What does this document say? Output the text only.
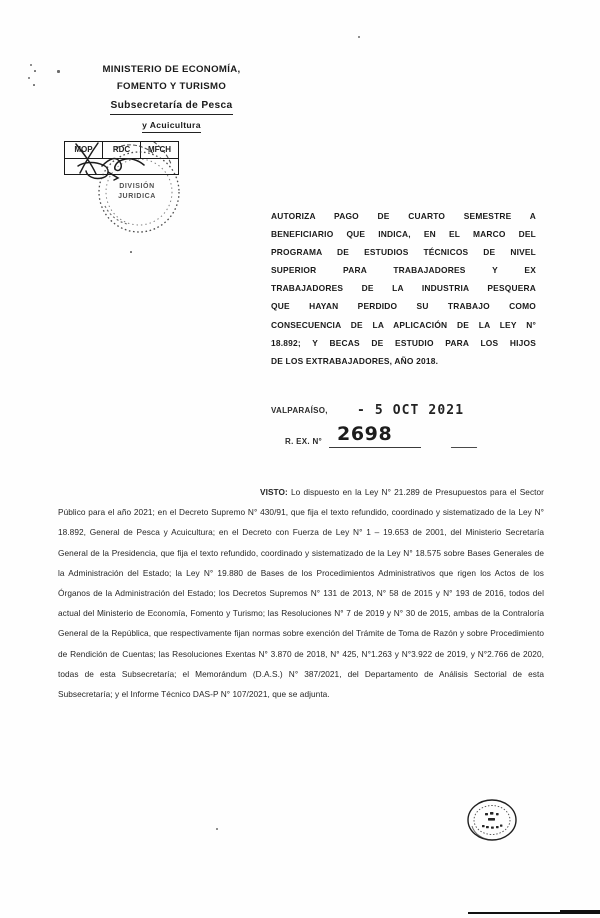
MINISTERIO DE ECONOMÍA,
FOMENTO Y TURISMO
Subsecretaría de Pesca
y Acuicultura
MOP	RDC	MFCH
DIVISIÓN
JURIDICA
AUTORIZA PAGO DE CUARTO SEMESTRE A
BENEFICIARIO QUE INDICA, EN EL MARCO DEL
PROGRAMA DE ESTUDIOS TÉCNICOS DE NIVEL
SUPERIOR PARA TRABAJADORES Y EX
TRABAJADORES DE LA INDUSTRIA PESQUERA
QUE HAYAN PERDIDO SU TRABAJO COMO
CONSECUENCIA DE LA APLICACIÓN DE LA LEY N°
18.892; Y BECAS DE ESTUDIO PARA LOS HIJOS
DE LOS EXTRABAJADORES, AÑO 2018.
VALPARAÍSO, - 5 OCT 2021
R. EX. N° 2698

VISTO: Lo dispuesto en la Ley N° 21.289 de Presupuestos para el Sector Público para el año 2021; en el Decreto Supremo N° 430/91, que fija el texto refundido, coordinado y sistematizado de la Ley N° 18.892, General de Pesca y Acuicultura; en el Decreto con Fuerza de Ley N° 1 – 19.653 de 2001, del Ministerio Secretaría General de la Presidencia, que fija el texto refundido, coordinado y sistematizado de la Ley N° 18.575 sobre Bases Generales de la Administración del Estado; la Ley N° 19.880 de Bases de los Procedimientos Administrativos que rigen los Actos de los Órganos de la Administración del Estado; los Decretos Supremos N° 131 de 2013, N° 58 de 2015 y N° 193 de 2016, todos del actual del Ministerio de Economía, Fomento y Turismo; las Resoluciones N° 7 de 2019 y N° 30 de 2015, ambas de la Contraloría General de la República, que respectivamente fijan normas sobre exención del Trámite de Toma de Razón y sobre Procedimiento de Rendición de Cuentas; las Resoluciones Exentas N° 3.870 de 2018, N° 425, N°1.263 y N°3.922 de 2019, y N°2.766 de 2020, todas de esta Subsecretaría; el Memorándum (D.A.S.) N° 387/2021, del Departamento de Análisis Sectorial de esta Subsecretaría; y el Informe Técnico DAS-P N° 107/2021, que se adjunta.
